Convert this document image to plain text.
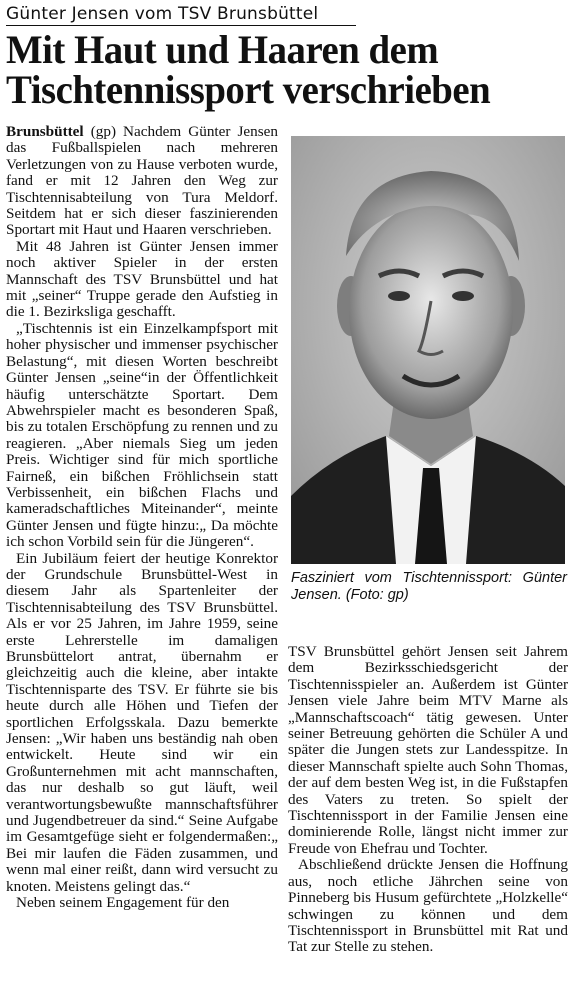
Günter Jensen vom TSV Brunsbüttel
Mit Haut und Haaren dem
Tischtennissport verschrieben

Brunsbüttel (gp) Nachdem Günter Jensen das Fußballspielen nach mehreren Verletzungen von zu Hause verboten wurde, fand er mit 12 Jahren den Weg zur Tischtennisabteilung von Tura Meldorf. Seitdem hat er sich dieser faszinierenden Sportart mit Haut und Haaren verschrieben.

Mit 48 Jahren ist Günter Jensen immer noch aktiver Spieler in der ersten Mannschaft des TSV Brunsbüttel und hat mit „seiner“ Truppe gerade den Aufstieg in die 1. Bezirksliga geschafft.

„Tischtennis ist ein Einzelkampfsport mit hoher physischer und immenser psychischer Belastung“, mit diesen Worten beschreibt Günter Jensen „seine“in der Öffentlichkeit häufig unterschätzte Sportart. Dem Abwehrspieler macht es besonderen Spaß, bis zu totalen Erschöpfung zu rennen und zu reagieren. „Aber niemals Sieg um jeden Preis. Wichtiger sind für mich sportliche Fairneß, ein bißchen Fröhlichsein statt Verbissenheit, ein bißchen Flachs und kameradschaftliches Miteinander“, meinte Günter Jensen und fügte hinzu:„ Da möchte ich schon Vorbild sein für die Jüngeren“.

Ein Jubiläum feiert der heutige Konrektor der Grundschule Brunsbüttel-West in diesem Jahr als Spartenleiter der Tischtennisabteilung des TSV Brunsbüttel. Als er vor 25 Jahren, im Jahre 1959, seine erste Lehrerstelle im damaligen Brunsbüttelort antrat, übernahm er gleichzeitig auch die kleine, aber intakte Tischtennisparte des TSV. Er führte sie bis heute durch alle Höhen und Tiefen der sportlichen Erfolgsskala. Dazu bemerkte Jensen: „Wir haben uns beständig nah oben entwickelt. Heute sind wir ein Großunternehmen mit acht mannschaften, das nur deshalb so gut läuft, weil verantwortungsbewußte mannschaftsführer und Jugendbetreuer da sind.“ Seine Aufgabe im Gesamtgefüge sieht er folgendermaßen:„ Bei mir laufen die Fäden zusammen, und wenn mal einer reißt, dann wird versucht zu knoten. Meistens gelingt das.“

Neben seinem Engagement für den

Fasziniert vom Tischtennissport: Günter Jensen. (Foto: gp)

TSV Brunsbüttel gehört Jensen seit Jahrem dem Bezirksschiedsgericht der Tischtennisspieler an. Außerdem ist Günter Jensen viele Jahre beim MTV Marne als „Mannschaftscoach“ tätig gewesen. Unter seiner Betreuung gehörten die Schüler A und später die Jungen stets zur Landesspitze. In dieser Mannschaft spielte auch Sohn Thomas, der auf dem besten Weg ist, in die Fußstapfen des Vaters zu treten. So spielt der Tischtennissport in der Familie Jensen eine dominierende Rolle, längst nicht immer zur Freude von Ehefrau und Tochter.

Abschließend drückte Jensen die Hoffnung aus, noch etliche Jährchen seine von Pinneberg bis Husum gefürchtete „Holzkelle“ schwingen zu können und dem Tischtennissport in Brunsbüttel mit Rat und Tat zur Stelle zu stehen.
